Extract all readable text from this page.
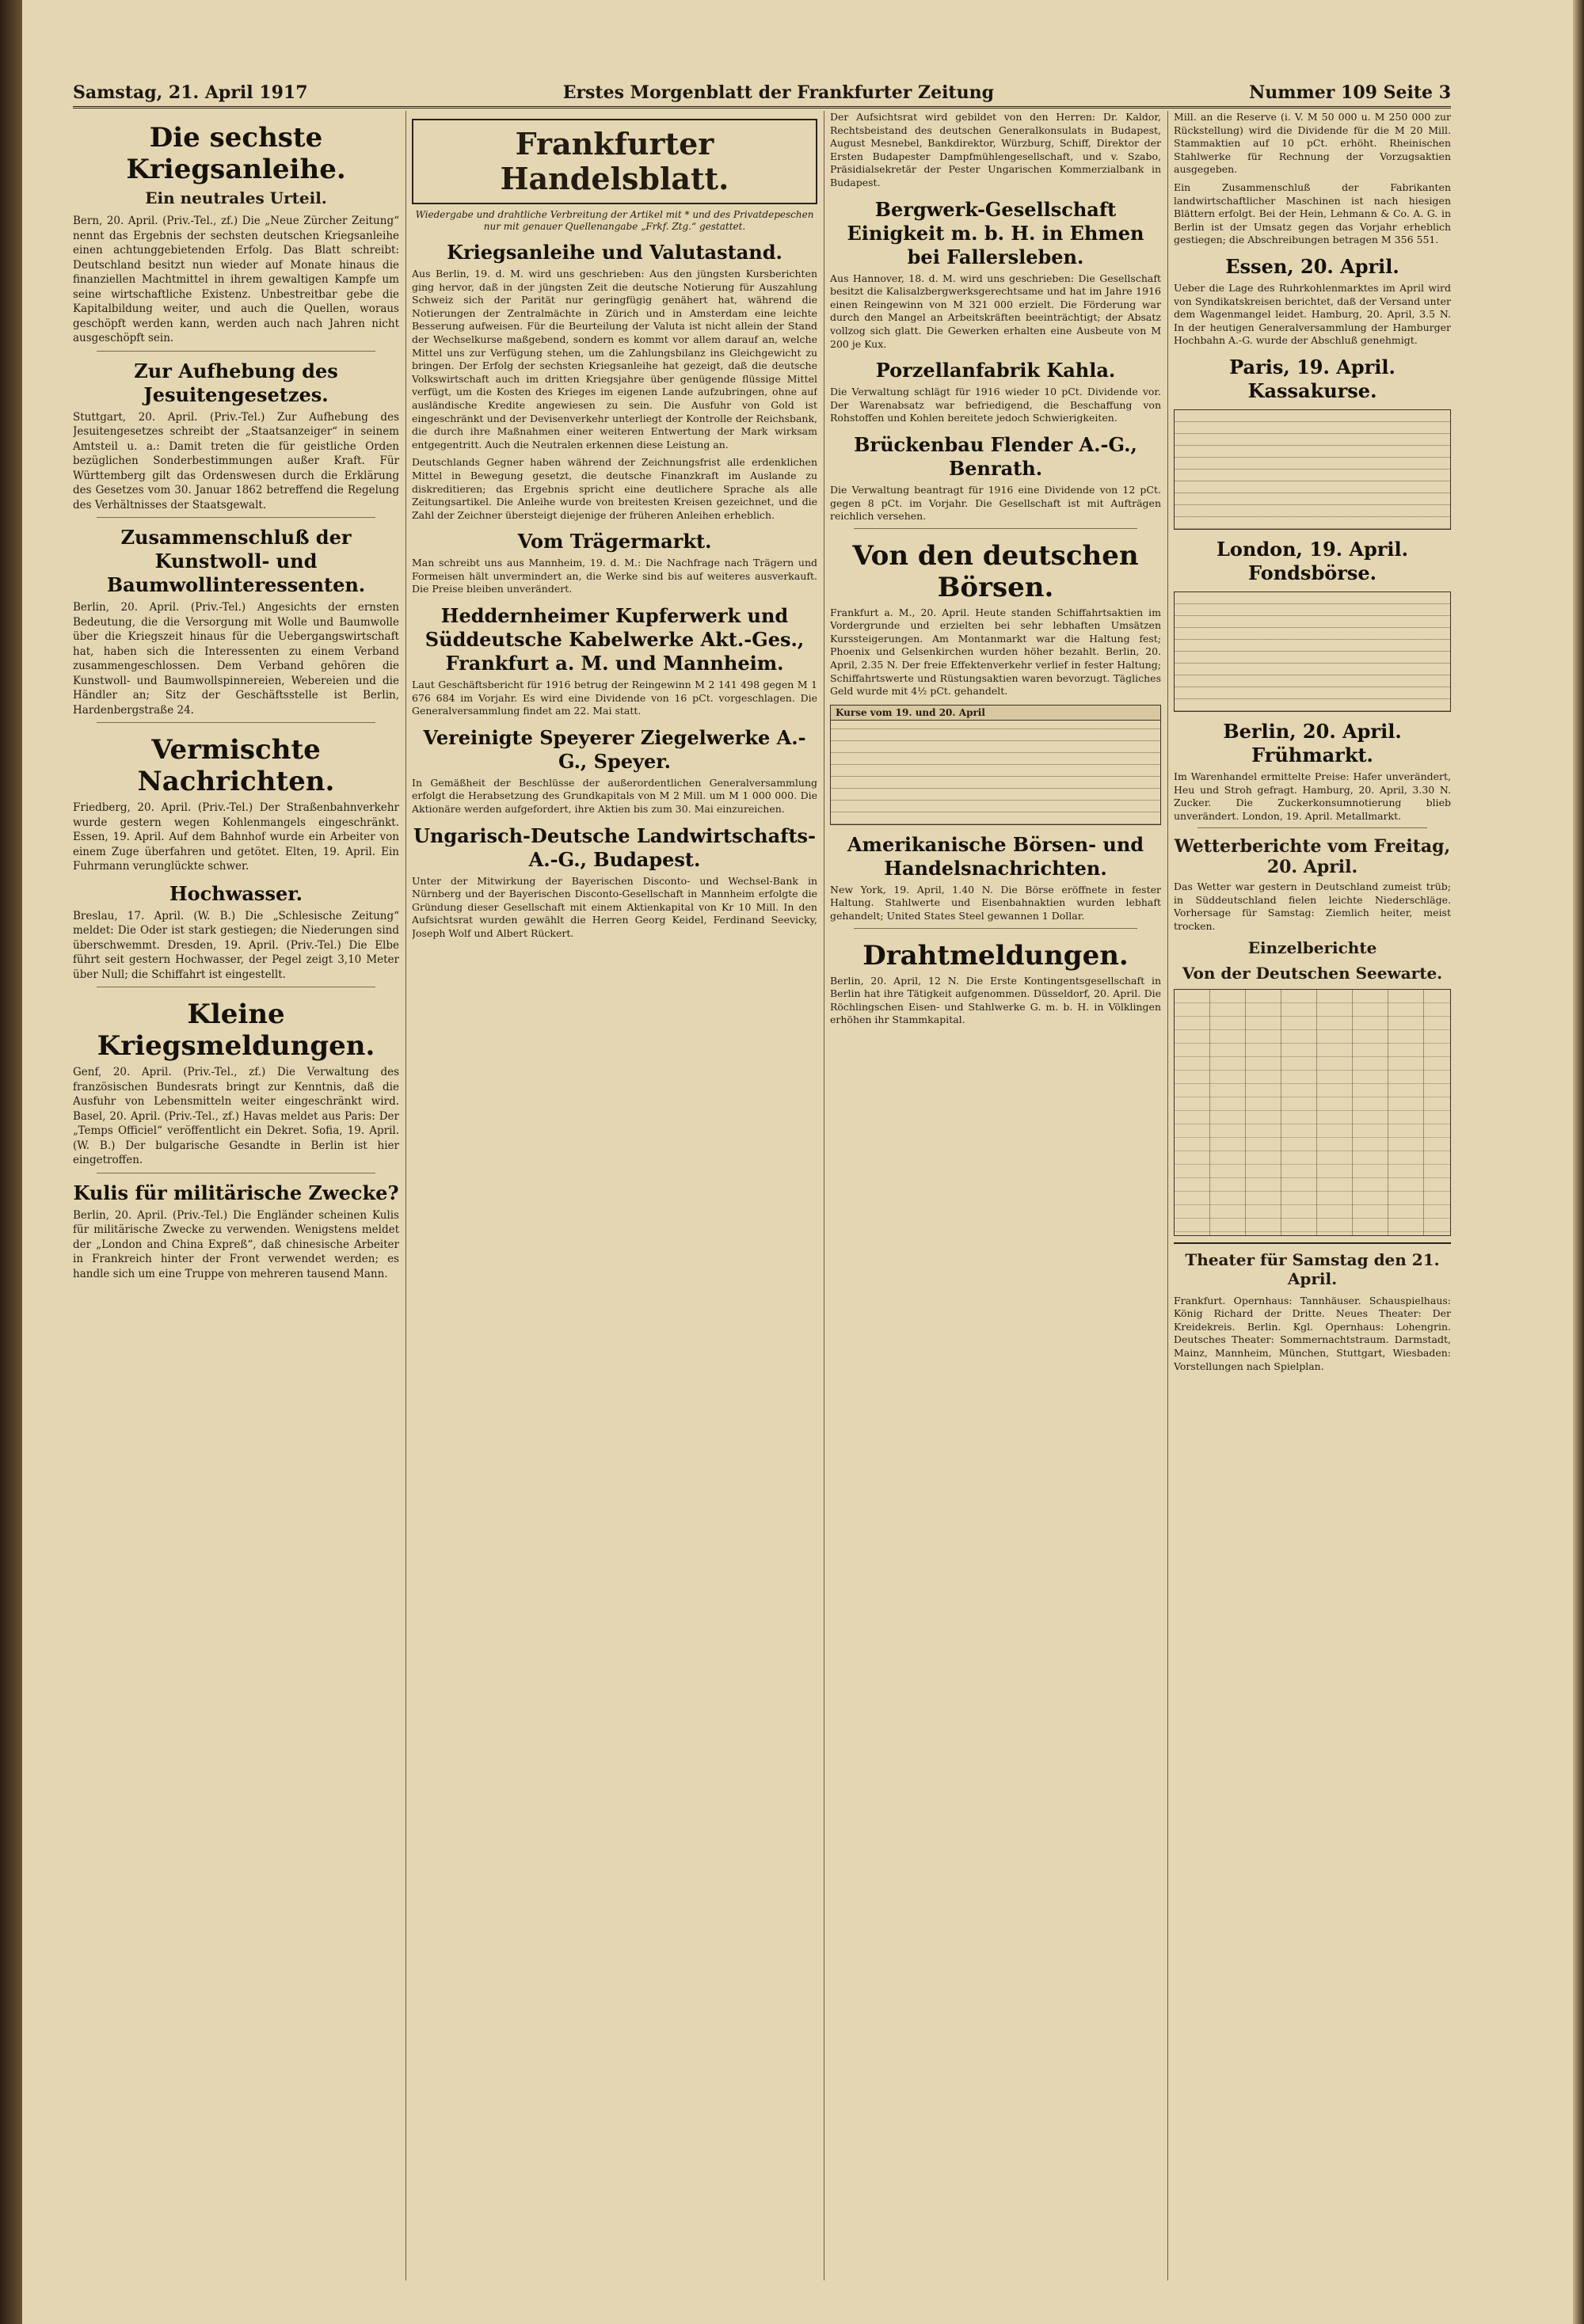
Samstag, 21. April 1917	Erstes Morgenblatt der Frankfurter Zeitung	Nummer 109 Seite 3
Die sechste Kriegsanleihe.
Ein neutrales Urteil.

Bern, 20. April. (Priv.-Tel., zf.) Die „Neue Zürcher Zeitung“ nennt das Ergebnis der sechsten deutschen Kriegsanleihe einen achtunggebietenden Erfolg. Das Blatt schreibt: Deutschland besitzt nun wieder auf Monate hinaus die finanziellen Machtmittel in ihrem gewaltigen Kampfe um seine wirtschaftliche Existenz. Unbestreitbar gebe die Kapitalbildung weiter, und auch die Quellen, woraus geschöpft werden kann, werden auch nach Jahren nicht ausgeschöpft sein.

Zur Aufhebung des Jesuitengesetzes.

Stuttgart, 20. April. (Priv.-Tel.) Zur Aufhebung des Jesuitengesetzes schreibt der „Staatsanzeiger“ in seinem Amtsteil u. a.: Damit treten die für geistliche Orden bezüglichen Sonderbestimmungen außer Kraft. Für Württemberg gilt das Ordenswesen durch die Erklärung des Gesetzes vom 30. Januar 1862 betreffend die Regelung des Verhältnisses der Staatsgewalt.

Zusammenschluß der Kunstwoll- und Baumwollinteressenten.

Berlin, 20. April. (Priv.-Tel.) Angesichts der ernsten Bedeutung, die die Versorgung mit Wolle und Baumwolle über die Kriegszeit hinaus für die Uebergangswirtschaft hat, haben sich die Interessenten zu einem Verband zusammengeschlossen. Dem Verband gehören die Kunstwoll- und Baumwollspinnereien, Webereien und die Händler an; Sitz der Geschäftsstelle ist Berlin, Hardenbergstraße 24.

Vermischte Nachrichten.

Friedberg, 20. April. (Priv.-Tel.) Der Straßenbahnverkehr wurde gestern wegen Kohlenmangels eingeschränkt. Essen, 19. April. Auf dem Bahnhof wurde ein Arbeiter von einem Zuge überfahren und getötet. Elten, 19. April. Ein Fuhrmann verunglückte schwer.

Hochwasser.

Breslau, 17. April. (W. B.) Die „Schlesische Zeitung“ meldet: Die Oder ist stark gestiegen; die Niederungen sind überschwemmt. Dresden, 19. April. (Priv.-Tel.) Die Elbe führt seit gestern Hochwasser, der Pegel zeigt 3,10 Meter über Null; die Schiffahrt ist eingestellt.

Kleine Kriegsmeldungen.

Genf, 20. April. (Priv.-Tel., zf.) Die Verwaltung des französischen Bundesrats bringt zur Kenntnis, daß die Ausfuhr von Lebensmitteln weiter eingeschränkt wird. Basel, 20. April. (Priv.-Tel., zf.) Havas meldet aus Paris: Der „Temps Officiel“ veröffentlicht ein Dekret. Sofia, 19. April. (W. B.) Der bulgarische Gesandte in Berlin ist hier eingetroffen.

Kulis für militärische Zwecke?

Berlin, 20. April. (Priv.-Tel.) Die Engländer scheinen Kulis für militärische Zwecke zu verwenden. Wenigstens meldet der „London and China Expreß“, daß chinesische Arbeiter in Frankreich hinter der Front verwendet werden; es handle sich um eine Truppe von mehreren tausend Mann.

Frankfurter Handelsblatt.
Wiedergabe und drahtliche Verbreitung der Artikel mit * und des Privatdepeschen nur mit genauer Quellenangabe „Frkf. Ztg.“ gestattet.
Kriegsanleihe und Valutastand.

Aus Berlin, 19. d. M. wird uns geschrieben: Aus den jüngsten Kursberichten ging hervor, daß in der jüngsten Zeit die deutsche Notierung für Auszahlung Schweiz sich der Parität nur geringfügig genähert hat, während die Notierungen der Zentralmächte in Zürich und in Amsterdam eine leichte Besserung aufweisen. Für die Beurteilung der Valuta ist nicht allein der Stand der Wechselkurse maßgebend, sondern es kommt vor allem darauf an, welche Mittel uns zur Verfügung stehen, um die Zahlungsbilanz ins Gleichgewicht zu bringen. Der Erfolg der sechsten Kriegsanleihe hat gezeigt, daß die deutsche Volkswirtschaft auch im dritten Kriegsjahre über genügende flüssige Mittel verfügt, um die Kosten des Krieges im eigenen Lande aufzubringen, ohne auf ausländische Kredite angewiesen zu sein. Die Ausfuhr von Gold ist eingeschränkt und der Devisenverkehr unterliegt der Kontrolle der Reichsbank, die durch ihre Maßnahmen einer weiteren Entwertung der Mark wirksam entgegentritt. Auch die Neutralen erkennen diese Leistung an.

Deutschlands Gegner haben während der Zeichnungsfrist alle erdenklichen Mittel in Bewegung gesetzt, die deutsche Finanzkraft im Auslande zu diskreditieren; das Ergebnis spricht eine deutlichere Sprache als alle Zeitungsartikel. Die Anleihe wurde von breitesten Kreisen gezeichnet, und die Zahl der Zeichner übersteigt diejenige der früheren Anleihen erheblich.

Vom Trägermarkt.

Man schreibt uns aus Mannheim, 19. d. M.: Die Nachfrage nach Trägern und Formeisen hält unvermindert an, die Werke sind bis auf weiteres ausverkauft. Die Preise bleiben unverändert.

Heddernheimer Kupferwerk und Süddeutsche Kabelwerke Akt.-Ges., Frankfurt a. M. und Mannheim.

Laut Geschäftsbericht für 1916 betrug der Reingewinn M 2 141 498 gegen M 1 676 684 im Vorjahr. Es wird eine Dividende von 16 pCt. vorgeschlagen. Die Generalversammlung findet am 22. Mai statt.

Vereinigte Speyerer Ziegelwerke A.-G., Speyer.

In Gemäßheit der Beschlüsse der außerordentlichen Generalversammlung erfolgt die Herabsetzung des Grundkapitals von M 2 Mill. um M 1 000 000. Die Aktionäre werden aufgefordert, ihre Aktien bis zum 30. Mai einzureichen.

Ungarisch-Deutsche Landwirtschafts-A.-G., Budapest.

Unter der Mitwirkung der Bayerischen Disconto- und Wechsel-Bank in Nürnberg und der Bayerischen Disconto-Gesellschaft in Mannheim erfolgte die Gründung dieser Gesellschaft mit einem Aktienkapital von Kr 10 Mill. In den Aufsichtsrat wurden gewählt die Herren Georg Keidel, Ferdinand Seevicky, Joseph Wolf und Albert Rückert.

Der Aufsichtsrat wird gebildet von den Herren: Dr. Kaldor, Rechtsbeistand des deutschen Generalkonsulats in Budapest, August Mesnebel, Bankdirektor, Würzburg, Schiff, Direktor der Ersten Budapester Dampfmühlengesellschaft, und v. Szabo, Präsidialsekretär der Pester Ungarischen Kommerzialbank in Budapest.

Bergwerk-Gesellschaft Einigkeit m. b. H. in Ehmen bei Fallersleben.

Aus Hannover, 18. d. M. wird uns geschrieben: Die Gesellschaft besitzt die Kalisalzbergwerksgerechtsame und hat im Jahre 1916 einen Reingewinn von M 321 000 erzielt. Die Förderung war durch den Mangel an Arbeitskräften beeinträchtigt; der Absatz vollzog sich glatt. Die Gewerken erhalten eine Ausbeute von M 200 je Kux.

Porzellanfabrik Kahla.

Die Verwaltung schlägt für 1916 wieder 10 pCt. Dividende vor. Der Warenabsatz war befriedigend, die Beschaffung von Rohstoffen und Kohlen bereitete jedoch Schwierigkeiten.

Brückenbau Flender A.-G., Benrath.

Die Verwaltung beantragt für 1916 eine Dividende von 12 pCt. gegen 8 pCt. im Vorjahr. Die Gesellschaft ist mit Aufträgen reichlich versehen.

Von den deutschen Börsen.

Frankfurt a. M., 20. April. Heute standen Schiffahrtsaktien im Vordergrunde und erzielten bei sehr lebhaften Umsätzen Kurssteigerungen. Am Montanmarkt war die Haltung fest; Phoenix und Gelsenkirchen wurden höher bezahlt. Berlin, 20. April, 2.35 N. Der freie Effektenverkehr verlief in fester Haltung; Schiffahrtswerte und Rüstungsaktien waren bevorzugt. Tägliches Geld wurde mit 4½ pCt. gehandelt.

Kurse vom 19. und 20. April
Amerikanische Börsen- und Handelsnachrichten.

New York, 19. April, 1.40 N. Die Börse eröffnete in fester Haltung. Stahlwerte und Eisenbahnaktien wurden lebhaft gehandelt; United States Steel gewannen 1 Dollar.

Drahtmeldungen.

Berlin, 20. April, 12 N. Die Erste Kontingentsgesellschaft in Berlin hat ihre Tätigkeit aufgenommen. Düsseldorf, 20. April. Die Röchlingschen Eisen- und Stahlwerke G. m. b. H. in Völklingen erhöhen ihr Stammkapital.

Mill. an die Reserve (i. V. M 50 000 u. M 250 000 zur Rückstellung) wird die Dividende für die M 20 Mill. Stammaktien auf 10 pCt. erhöht. Rheinischen Stahlwerke für Rechnung der Vorzugsaktien ausgegeben.

Ein Zusammenschluß der Fabrikanten landwirtschaftlicher Maschinen ist nach hiesigen Blättern erfolgt. Bei der Hein, Lehmann & Co. A. G. in Berlin ist der Umsatz gegen das Vorjahr erheblich gestiegen; die Abschreibungen betragen M 356 551.

Essen, 20. April.

Ueber die Lage des Ruhrkohlenmarktes im April wird von Syndikatskreisen berichtet, daß der Versand unter dem Wagenmangel leidet. Hamburg, 20. April, 3.5 N. In der heutigen Generalversammlung der Hamburger Hochbahn A.-G. wurde der Abschluß genehmigt.

Paris, 19. April. Kassakurse.
London, 19. April. Fondsbörse.
Berlin, 20. April. Frühmarkt.

Im Warenhandel ermittelte Preise: Hafer unverändert, Heu und Stroh gefragt. Hamburg, 20. April, 3.30 N. Zucker. Die Zuckerkonsumnotierung blieb unverändert. London, 19. April. Metallmarkt.

Wetterberichte vom Freitag, 20. April.

Das Wetter war gestern in Deutschland zumeist trüb; in Süddeutschland fielen leichte Niederschläge. Vorhersage für Samstag: Ziemlich heiter, meist trocken.

Einzelberichte
Von der Deutschen Seewarte.
Theater für Samstag den 21. April.

Frankfurt. Opernhaus: Tannhäuser. Schauspielhaus: König Richard der Dritte. Neues Theater: Der Kreidekreis. Berlin. Kgl. Opernhaus: Lohengrin. Deutsches Theater: Sommernachtstraum. Darmstadt, Mainz, Mannheim, München, Stuttgart, Wiesbaden: Vorstellungen nach Spielplan.
